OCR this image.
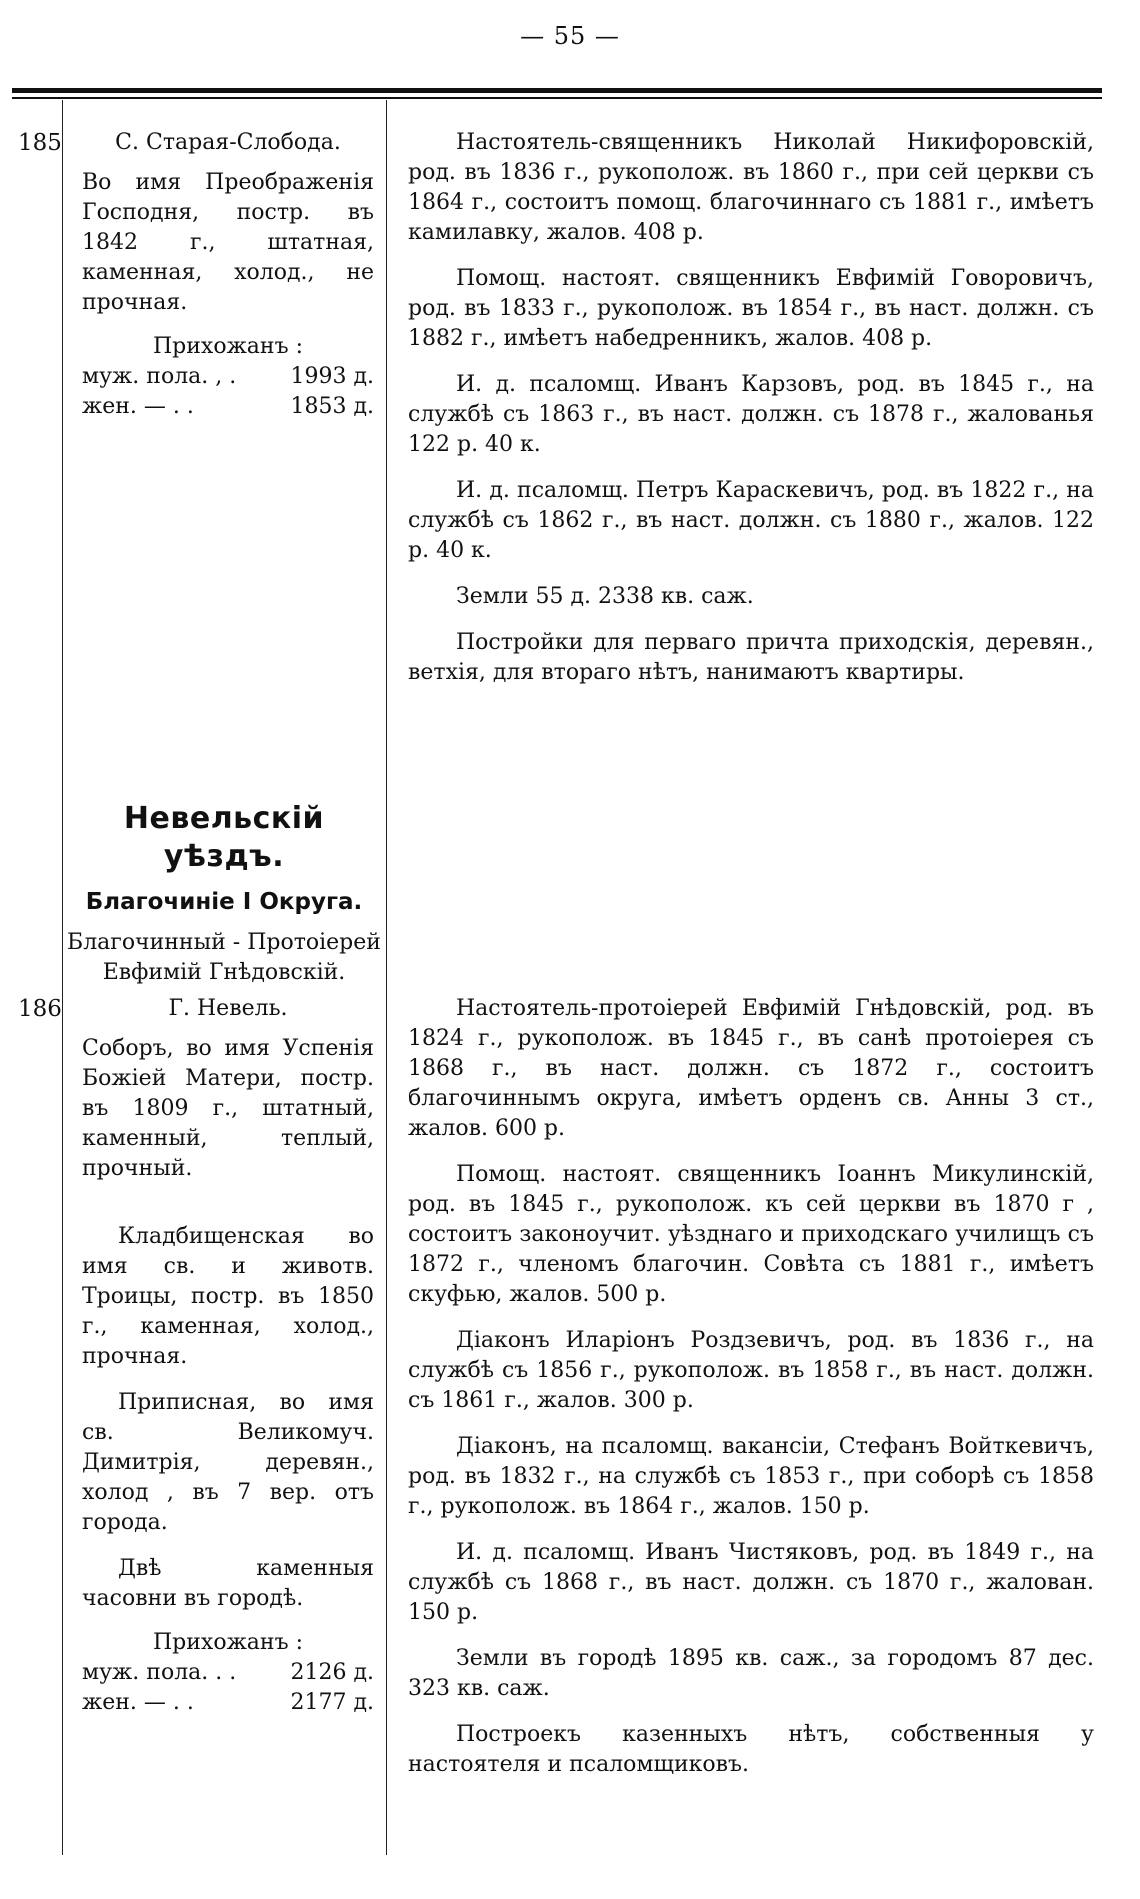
— 55 —
185	С. Старая-Слобода.

Во имя Преображенія Господня, постр. въ 1842 г., штатная, каменная, холод., не прочная.

Прихожанъ :

муж. пола. , . 1993 д.
жен. — . .	1853 д.

Настоятель-священникъ Николай Никифоровскій, род. въ 1836 г., рукополож. въ 1860 г., при сей церкви съ 1864 г., состоитъ помощ. благочиннаго съ 1881 г., имѣетъ камилавку, жалов. 408 р.

Помощ. настоят. священникъ Евфимій Говоровичъ, род. въ 1833 г., рукополож. въ 1854 г., въ наст. должн. съ 1882 г., имѣетъ набедренникъ, жалов. 408 р.

И. д. псаломщ. Иванъ Карзовъ, род. въ 1845 г., на службѣ съ 1863 г., въ наст. должн. съ 1878 г., жалованья 122 р. 40 к.

И. д. псаломщ. Петръ Караскевичъ, род. въ 1822 г., на службѣ съ 1862 г., въ наст. должн. съ 1880 г., жалов. 122 р. 40 к.

Земли 55 д. 2338 кв. саж.

Постройки для перваго причта приходскія, деревян., ветхія, для втораго нѣтъ, нанимаютъ квартиры.

Невельскій уѣздъ.
Благочиніе I Округа.
Благочинный - Протоіерей Евфимій Гнѣдовскій.
186	Г. Невель.

Соборъ, во имя Успенія Божіей Матери, постр. въ 1809 г., штатный, каменный, теплый, прочный.

Кладбищенская во имя св. и животв. Троицы, постр. въ 1850 г., каменная, холод., прочная.

Приписная, во имя св. Великомуч. Димитрія, деревян., холод , въ 7 вер. отъ города.

Двѣ каменныя часовни въ городѣ.

Прихожанъ :

муж. пола. . . 2126 д.
жен. — . .	2177 д.

Настоятель-протоіерей Евфимій Гнѣдовскій, род. въ 1824 г., рукополож. въ 1845 г., въ санѣ протоіерея съ 1868 г., въ наст. должн. съ 1872 г., состоитъ благочиннымъ округа, имѣетъ орденъ св. Анны 3 ст., жалов. 600 р.

Помощ. настоят. священникъ Іоаннъ Микулинскій, род. въ 1845 г., рукополож. къ сей церкви въ 1870 г , состоитъ законоучит. уѣзднаго и приходскаго училищъ съ 1872 г., членомъ благочин. Совѣта съ 1881 г., имѣетъ скуфью, жалов. 500 р.

Діаконъ Иларіонъ Роздзевичъ, род. въ 1836 г., на службѣ съ 1856 г., рукополож. въ 1858 г., въ наст. должн. съ 1861 г., жалов. 300 р.

Діаконъ, на псаломщ. вакансіи, Стефанъ Войткевичъ, род. въ 1832 г., на службѣ съ 1853 г., при соборѣ съ 1858 г., рукополож. въ 1864 г., жалов. 150 р.

И. д. псаломщ. Иванъ Чистяковъ, род. въ 1849 г., на службѣ съ 1868 г., въ наст. должн. съ 1870 г., жалован. 150 р.

Земли въ городѣ 1895 кв. саж., за городомъ 87 дес. 323 кв. саж.

Построекъ казенныхъ нѣтъ, собственныя у настоятеля и псаломщиковъ.
